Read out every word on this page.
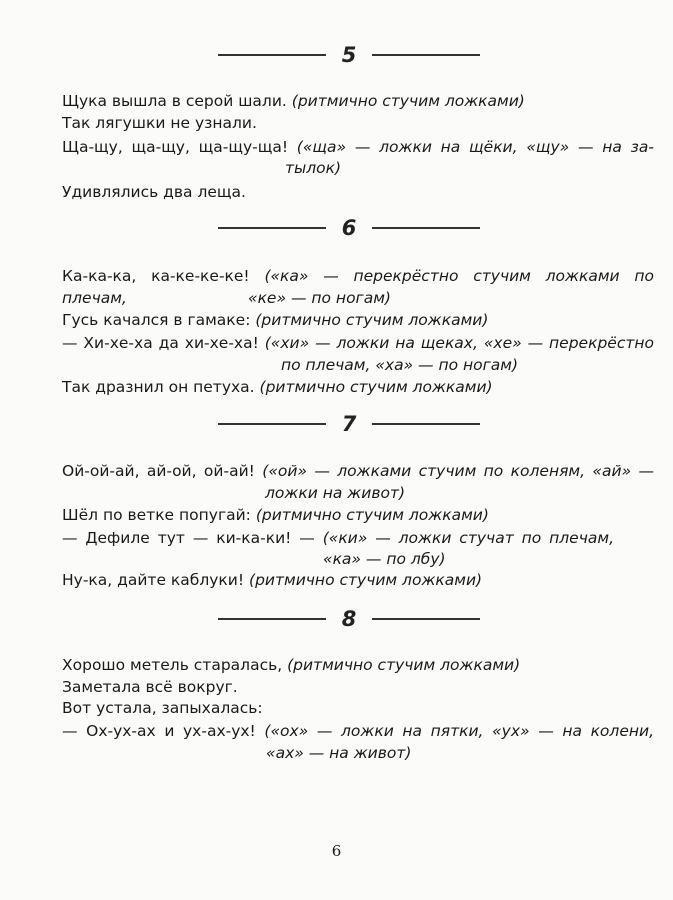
5
Щука вышла в серой шали. (ритмично стучим ложками)
Так лягушки не узнали.
Ща-щу, ща-щу, ща-щу-ща! («ща» — ложки на щёки, «щу» — на за-
тылок)
Удивлялись два леща.
6
Ка-ка-ка, ка-ке-ке-ке! («ка» — перекрёстно стучим ложками по плечам,	«ке» — по ногам)
Гусь качался в гамаке: (ритмично стучим ложками)
— Хи-хе-ха да хи-хе-ха! («хи» — ложки на щеках, «хе» — перекрёстно
по плечам, «ха» — по ногам)
Так дразнил он петуха. (ритмично стучим ложками)
7
Ой-ой-ай, ай-ой, ой-ай! («ой» — ложками стучим по коленям, «ай» —
ложки на живот)
Шёл по ветке попугай: (ритмично стучим ложками)
— Дефиле тут — ки-ка-ки! — («ки» — ложки стучат по плечам,
«ка» — по лбу)
Ну-ка, дайте каблуки! (ритмично стучим ложками)
8
Хорошо метель старалась, (ритмично стучим ложками)
Заметала всё вокруг.
Вот устала, запыхалась:
— Ох-ух-ах и ух-ах-ух! («ох» — ложки на пятки, «ух» — на колени,
«ах» — на живот)
6
